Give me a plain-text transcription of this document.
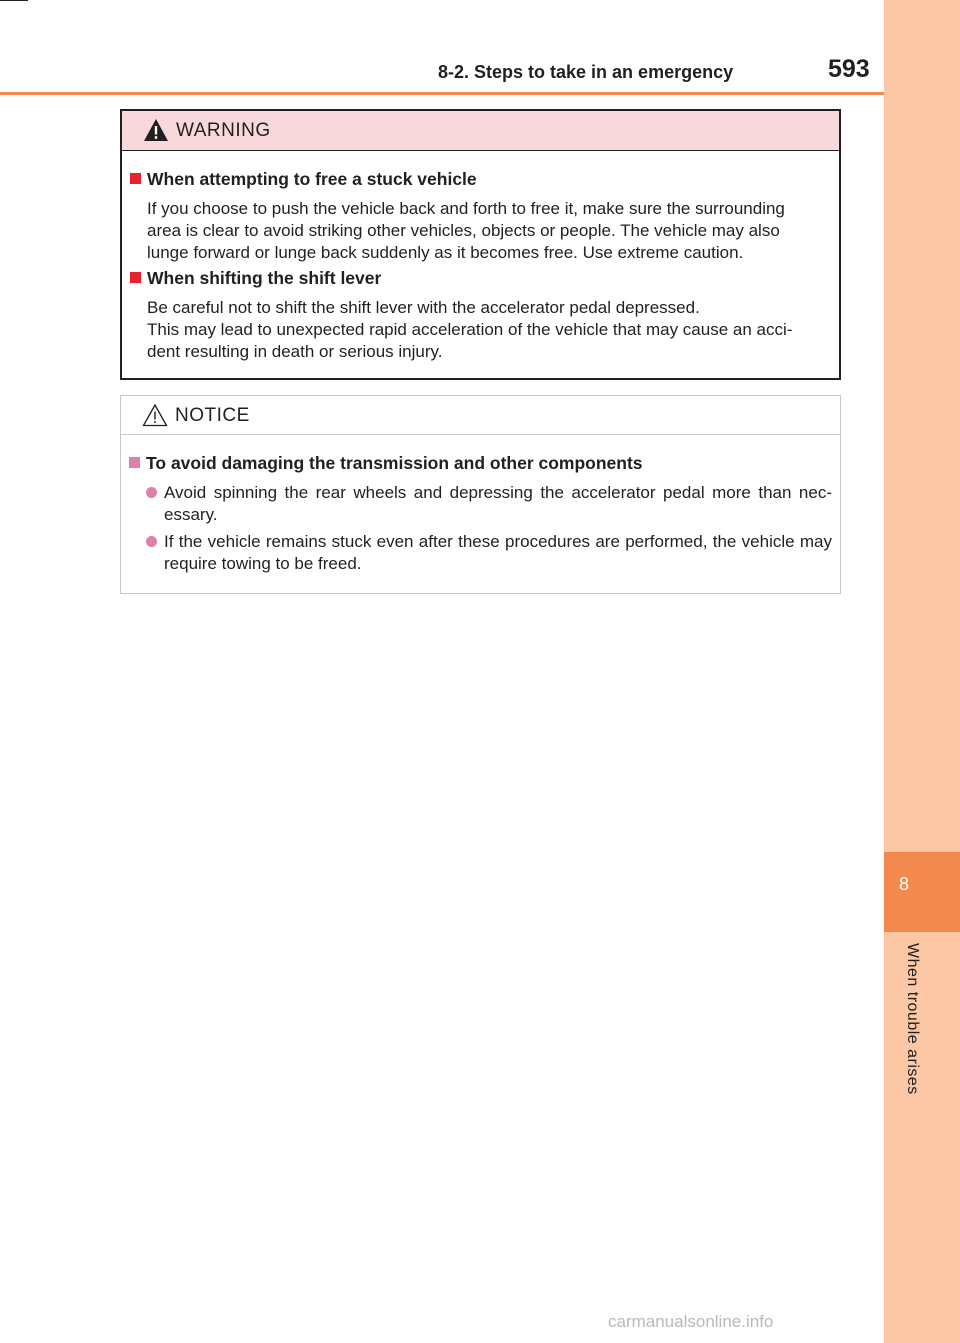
8
When trouble arises
8-2. Steps to take in an emergency	593
WARNING
When attempting to free a stuck vehicle
If you choose to push the vehicle back and forth to free it, make sure the surrounding
area is clear to avoid striking other vehicles, objects or people. The vehicle may also
lunge forward or lunge back suddenly as it becomes free. Use extreme caution.
When shifting the shift lever
Be careful not to shift the shift lever with the accelerator pedal depressed.
This may lead to unexpected rapid acceleration of the vehicle that may cause an acci-
dent resulting in death or serious injury.
NOTICE
To avoid damaging the transmission and other components
Avoid spinning the rear wheels and depressing the accelerator pedal more than nec-essary.
If the vehicle remains stuck even after these procedures are performed, the vehicle may require towing to be freed.
carmanualsonline.info
